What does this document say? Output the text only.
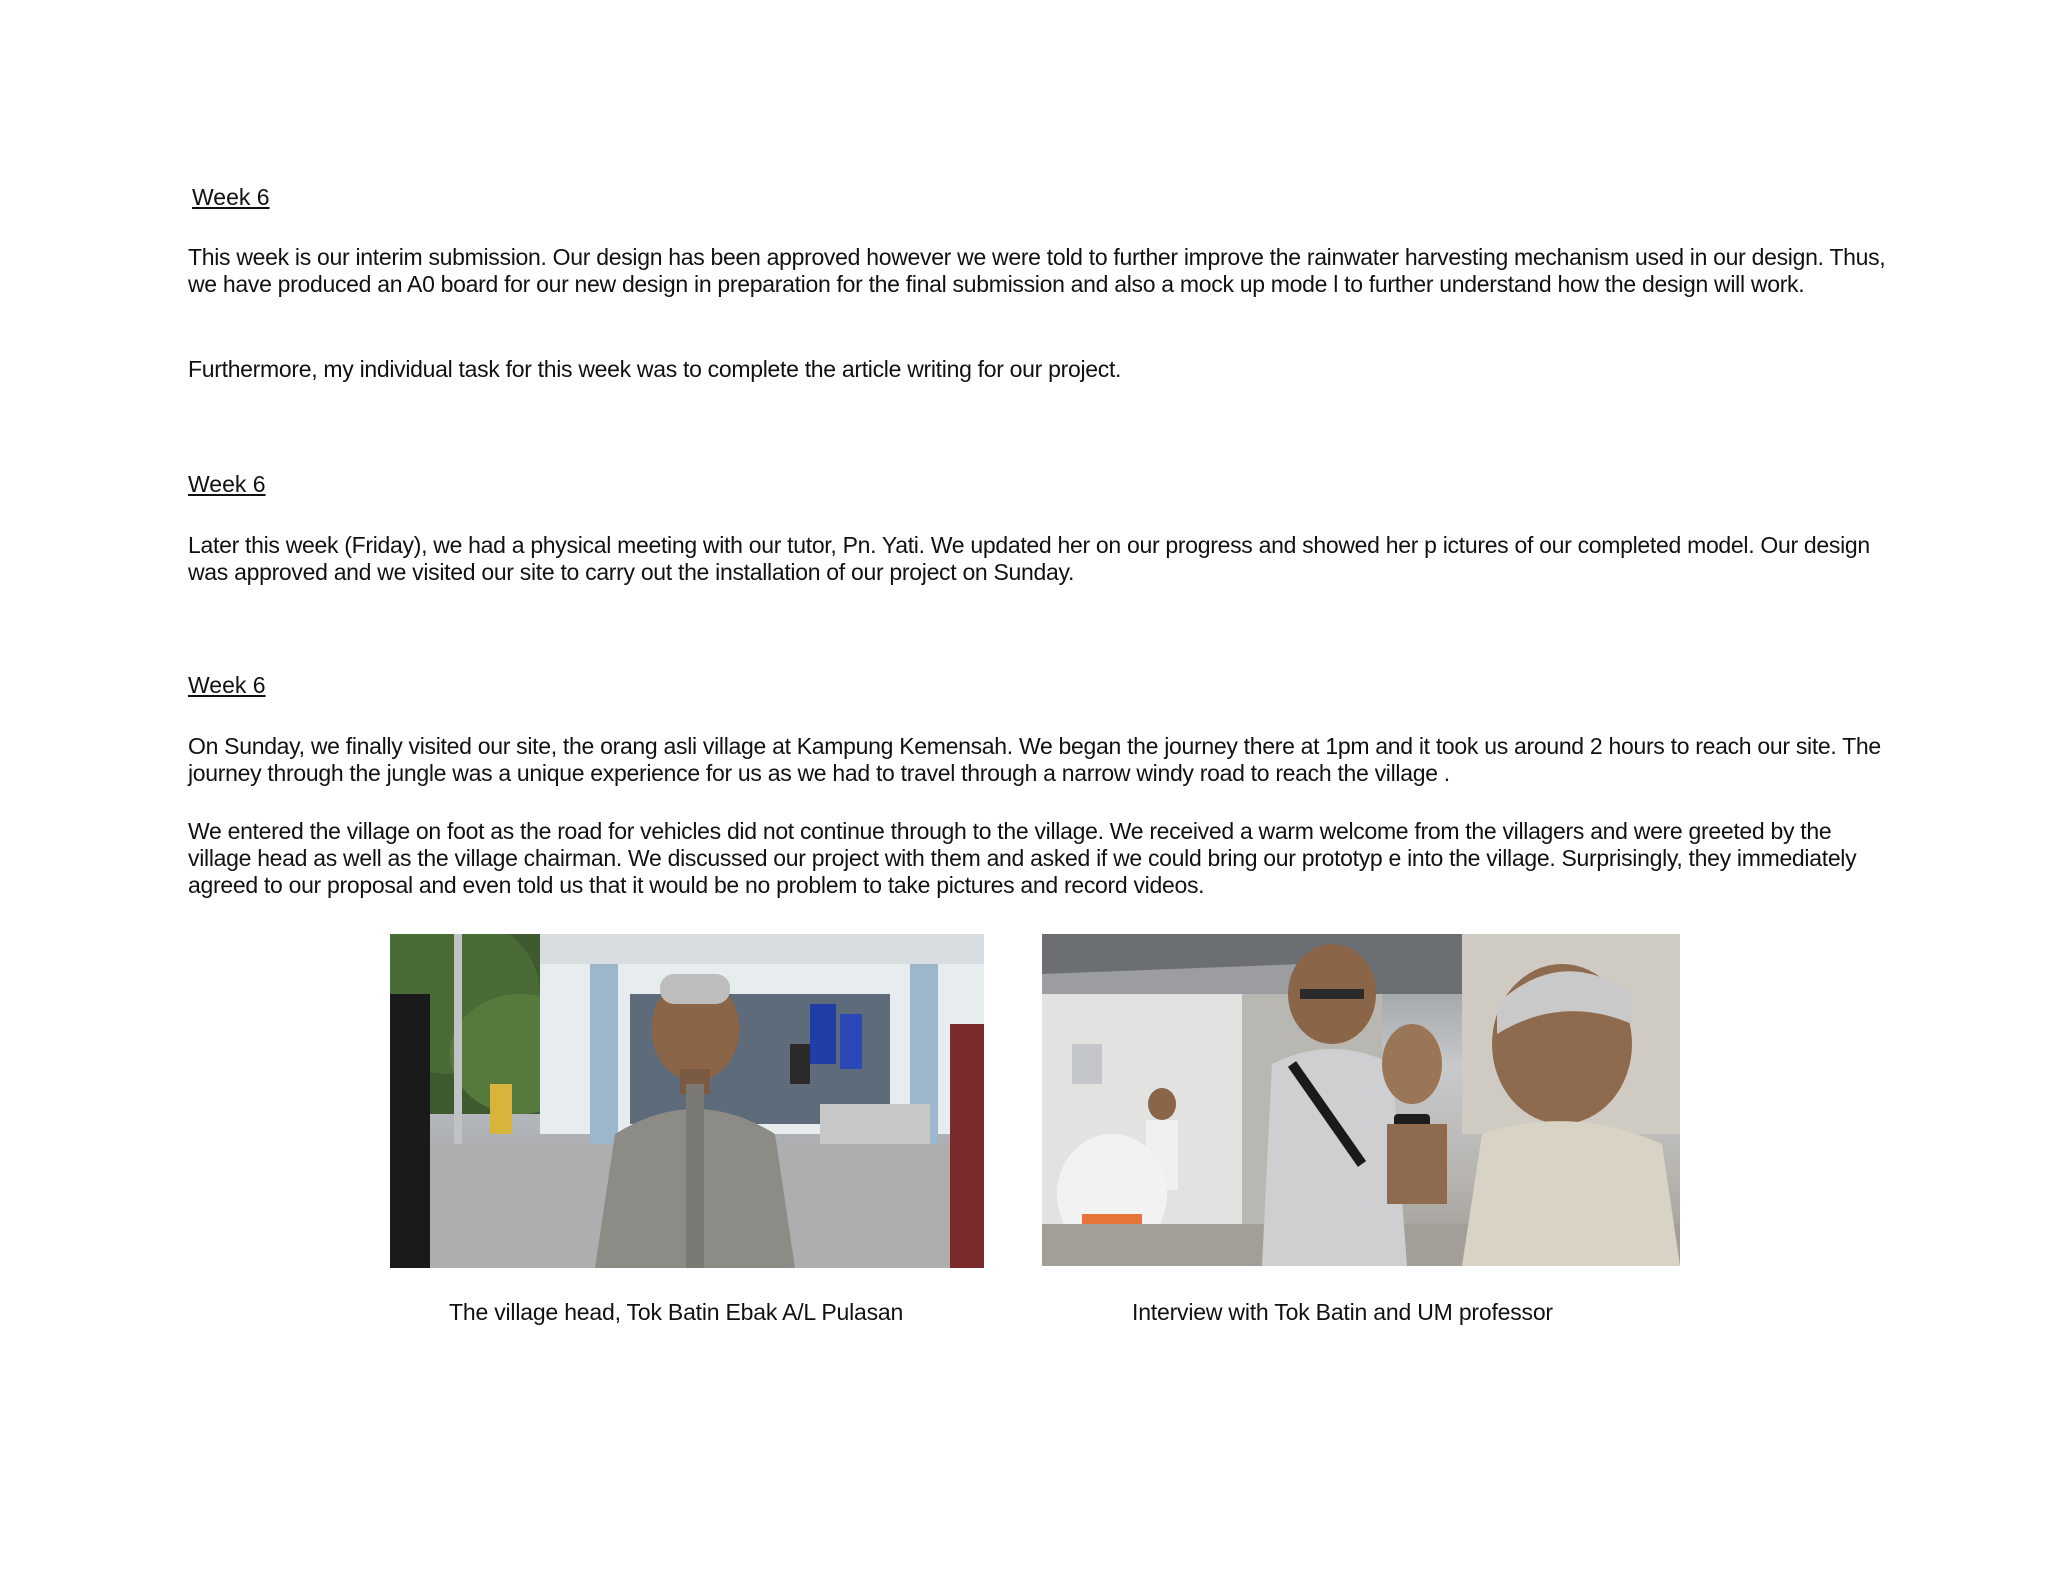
Week 6

This week is our interim submission. Our design has been approved however we were told to further improve the rainwater harvesting mechanism used in our design. Thus, we have produced an A0 board for our new design in preparation for the final submission and also a mock up mode l to further understand how the design will work.

Furthermore, my individual task for this week was to complete the article writing for our project.

Week 6

Later this week (Friday), we had a physical meeting with our tutor, Pn. Yati. We updated her on our progress and showed her p ictures of our completed model. Our design was approved and we visited our site to carry out the installation of our project on Sunday.

Week 6

On Sunday, we finally visited our site, the orang asli village at Kampung Kemensah. We began the journey there at 1pm and it took us around 2 hours to reach our site. The journey through the jungle was a unique experience for us as we had to travel through a narrow windy road to reach the village .

We entered the village on foot as the road for vehicles did not continue through to the village. We received a warm welcome from the villagers and were greeted by the village head as well as the village chairman. We discussed our project with them and asked if we could bring our prototyp e into the village. Surprisingly, they immediately agreed to our proposal and even told us that it would be no problem to take pictures and record videos.

The village head, Tok Batin Ebak A/L Pulasan	Interview with Tok Batin and UM professor
